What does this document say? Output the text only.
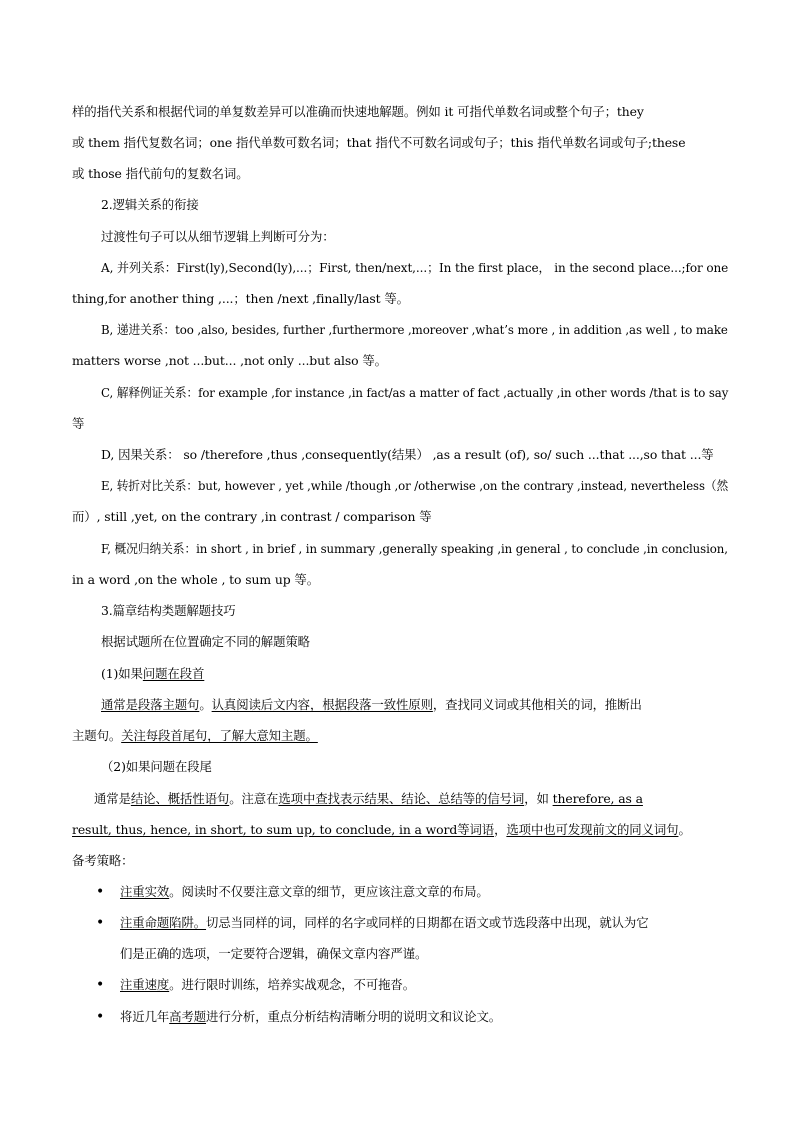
样的指代关系和根据代词的单复数差异可以准确而快速地解题。例如 it 可指代单数名词或整个句子；they
或 them 指代复数名词；one 指代单数可数名词；that 指代不可数名词或句子；this 指代单数名词或句子;these
或 those 指代前句的复数名词。
2.逻辑关系的衔接
过渡性句子可以从细节逻辑上判断可分为：
A, 并列关系：First(ly),Second(ly),...；First, then/next,...；In the first place， in the second place...;for one
thing,for another thing ,...；then /next ,finally/last 等。
B, 递进关系：too ,also, besides, further ,furthermore ,moreover ,what’s more , in addition ,as well , to make
matters worse ,not ...but... ,not only ...but also 等。
C, 解释例证关系：for example ,for instance ,in fact/as a matter of fact ,actually ,in other words /that is to say
等
D, 因果关系： so /therefore ,thus ,consequently(结果） ,as a result (of), so/ such ...that ...,so that ...等
E, 转折对比关系：but, however , yet ,while /though ,or /otherwise ,on the contrary ,instead, nevertheless（然
而）, still ,yet, on the contrary ,in contrast / comparison 等
F, 概况归纳关系：in short , in brief , in summary ,generally speaking ,in general , to conclude ,in conclusion,
in a word ,on the whole , to sum up 等。
3.篇章结构类题解题技巧
根据试题所在位置确定不同的解题策略
(1)如果问题在段首
通常是段落主题句。认真阅读后文内容，根据段落一致性原则，查找同义词或其他相关的词，推断出
主题句。关注每段首尾句，了解大意知主题。
（2)如果问题在段尾
通常是结论、概括性语句。注意在选项中查找表示结果、结论、总结等的信号词，如 therefore, as a
result, thus, hence, in short, to sum up, to conclude, in a word等词语，选项中也可发现前文的同义词句。
备考策略：
• 注重实效。阅读时不仅要注意文章的细节，更应该注意文章的布局。
• 注重命题陷阱。切忌当同样的词，同样的名字或同样的日期都在语文或节选段落中出现，就认为它
们是正确的选项，一定要符合逻辑，确保文章内容严谨。
• 注重速度。进行限时训练，培养实战观念，不可拖沓。
• 将近几年高考题进行分析，重点分析结构清晰分明的说明文和议论文。
